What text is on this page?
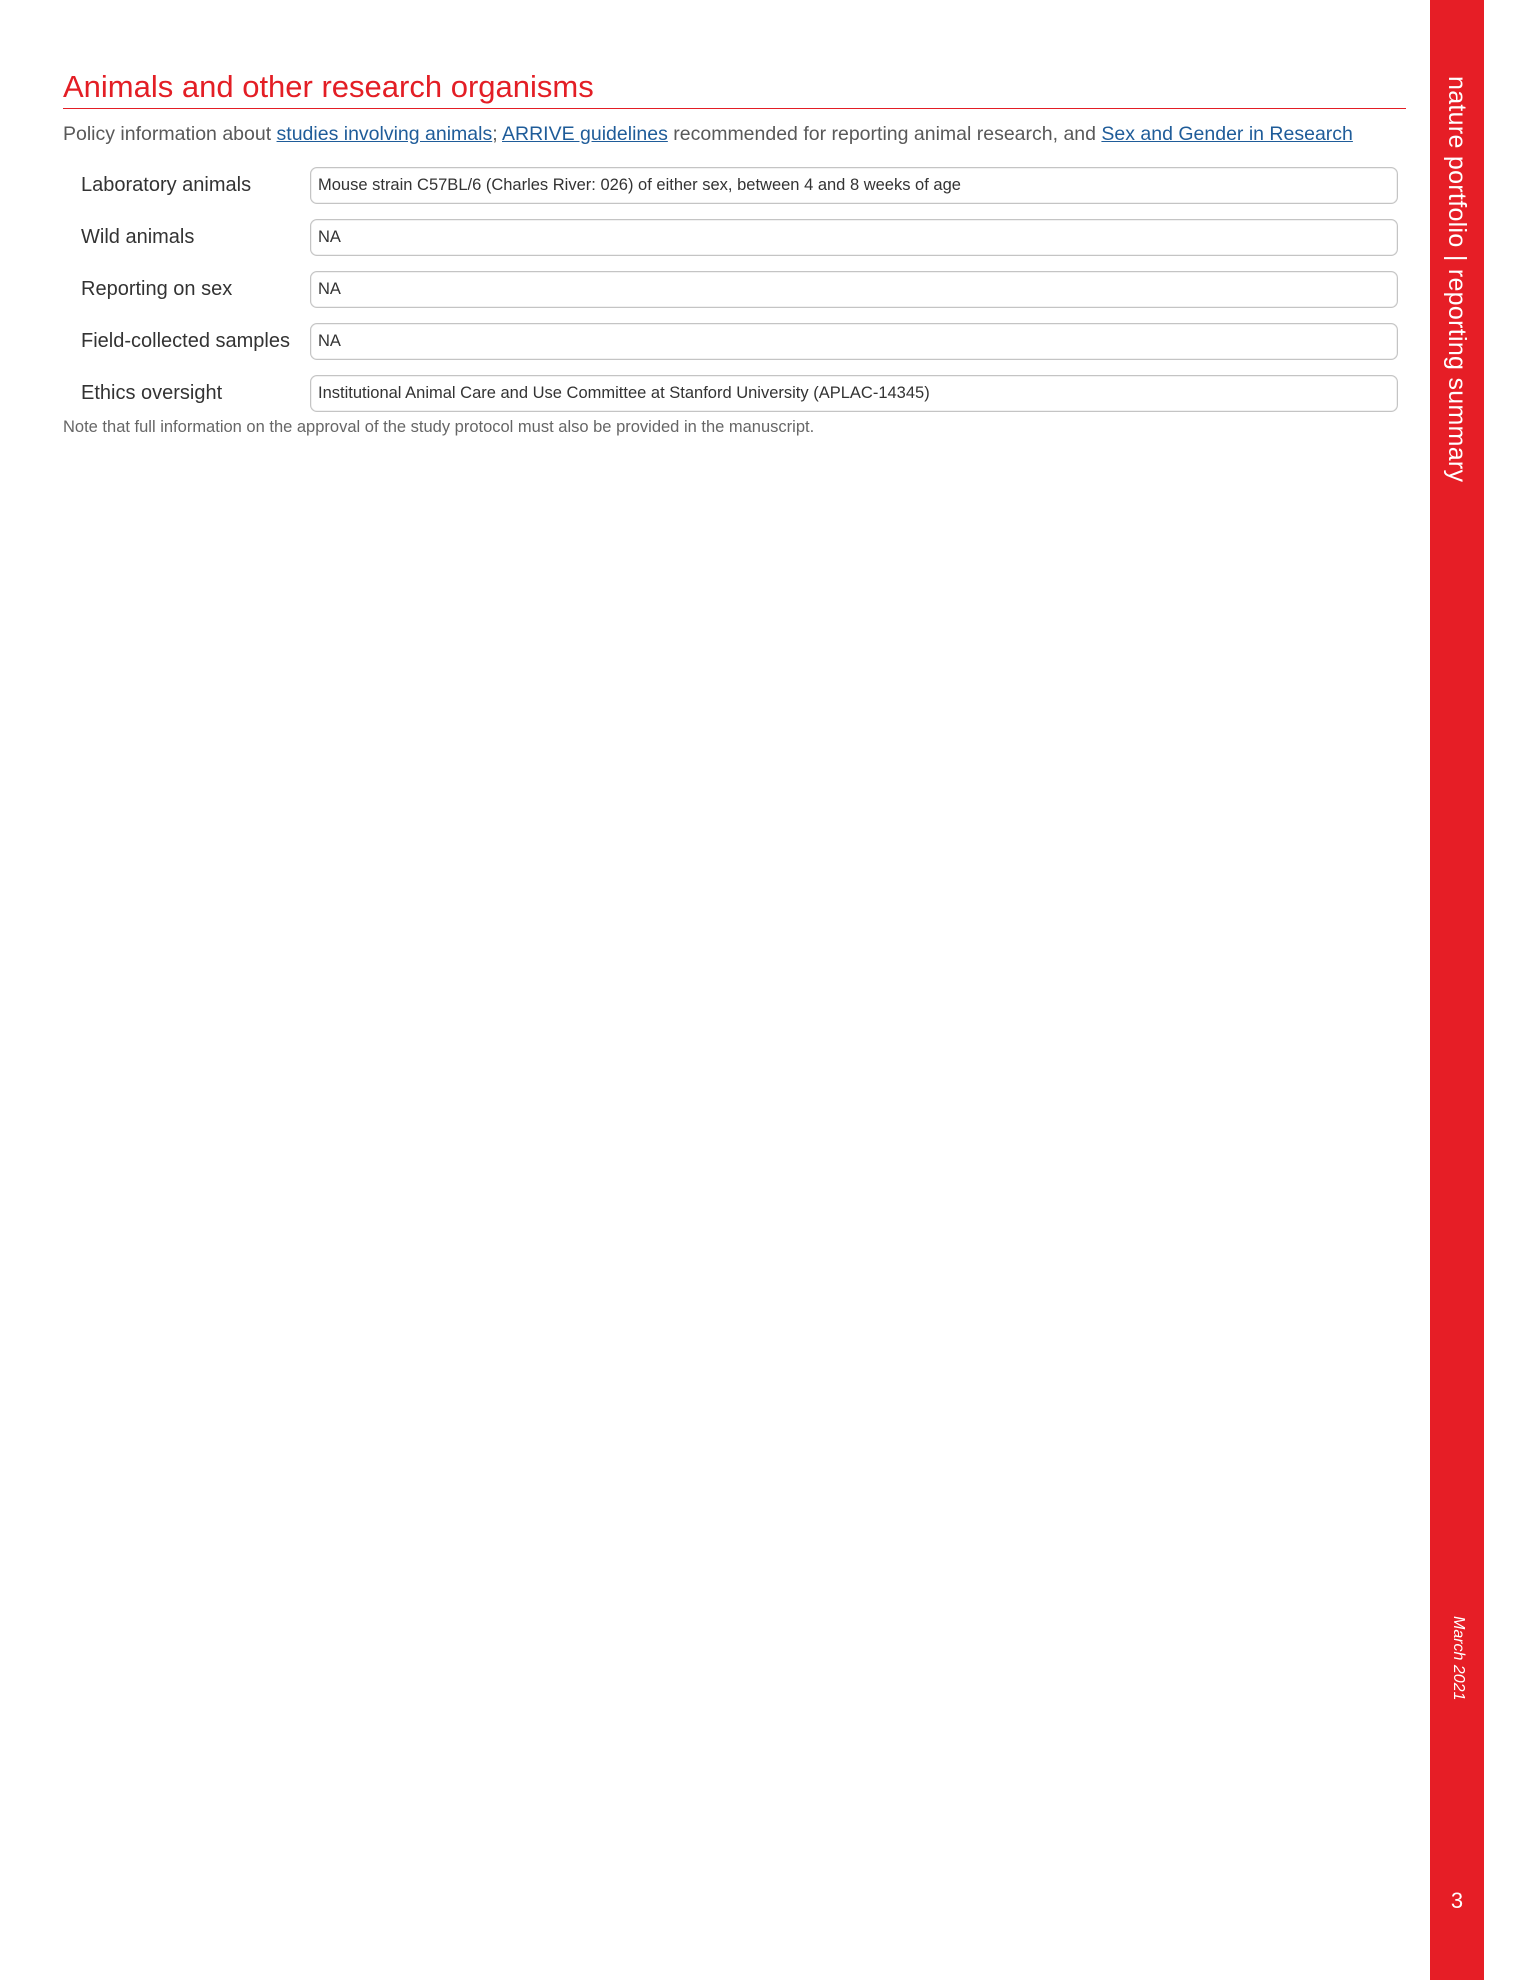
Animals and other research organisms

Policy information about studies involving animals; ARRIVE guidelines recommended for reporting animal research, and Sex and Gender in Research

Laboratory animals	Mouse strain C57BL/6 (Charles River: 026) of either sex, between 4 and 8 weeks of age
Wild animals	NA
Reporting on sex	NA
Field-collected samples	NA
Ethics oversight	Institutional Animal Care and Use Committee at Stanford University (APLAC-14345)

Note that full information on the approval of the study protocol must also be provided in the manuscript.	nature portfolio | reporting summary
March 2021
3
